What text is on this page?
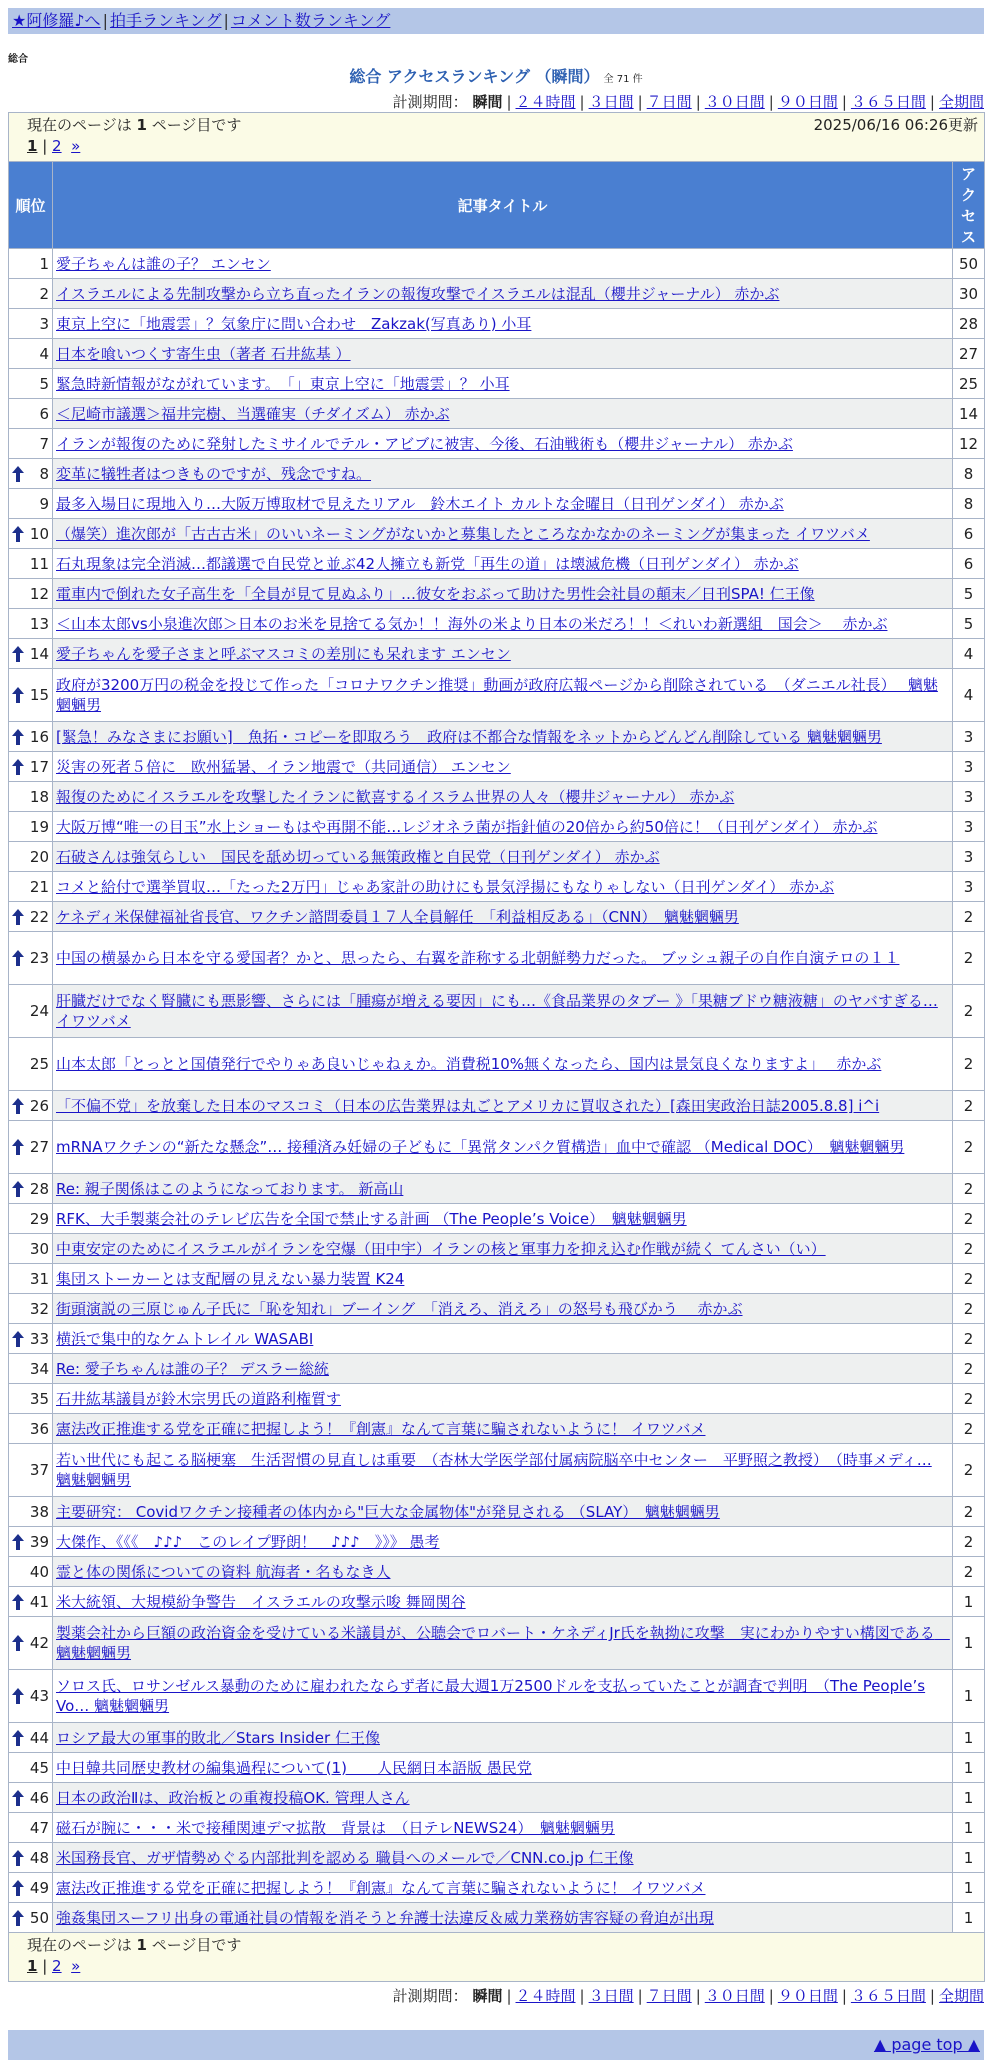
★阿修羅♪へ | 拍手ランキング | コメント数ランキング
総合
総合 アクセスランキング （瞬間） 全 71 件
計測期間： 瞬間 | ２４時間 | ３日間 | ７日間 | ３０日間 | ９０日間 | ３６５日間 | 全期間
2025/06/16 06:26更新
現在のページは 1 ページ目です
1 | 2 »		
順位	記事タイトル	アクセス
1	愛子ちゃんは誰の子？ エンセン	50
2	イスラエルによる先制攻撃から立ち直ったイランの報復攻撃でイスラエルは混乱（櫻井ジャーナル） 赤かぶ	30
3	東京上空に「地震雲」？気象庁に問い合わせ　Zakzak(写真あり) 小耳	28
4	日本を喰いつくす寄生虫（著者 石井紘基 ）	27
5	緊急時新情報がながれています。　「」東京上空に「地震雲」？ 小耳	25
6	＜尼崎市議選＞福井完樹、当選確実（チダイズム） 赤かぶ	14
7	イランが報復のために発射したミサイルでテル・アビブに被害、今後、石油戦術も（櫻井ジャーナル） 赤かぶ	12

8	変革に犠牲者はつきものですが、残念ですね。	8
9	最多入場日に現地入り…大阪万博取材で見えたリアル　鈴木エイト カルトな金曜日（日刊ゲンダイ） 赤かぶ	8

10	（爆笑）進次郎が「古古古米」のいいネーミングがないかと募集したところなかなかのネーミングが集まった イワツバメ	6
11	石丸現象は完全消滅…都議選で自民党と並ぶ42人擁立も新党「再生の道」は壊滅危機（日刊ゲンダイ） 赤かぶ	6
12	電車内で倒れた女子高生を「全員が見て見ぬふり」…彼女をおぶって助けた男性会社員の顛末／日刊SPA! 仁王像	5
13	＜山本太郎vs小泉進次郎＞日本のお米を見捨てる気か！！海外の米より日本の米だろ！！＜れいわ新選組　国会＞　 赤かぶ	5

14	愛子ちゃんを愛子さまと呼ぶマスコミの差別にも呆れます エンセン	4

15	政府が3200万円の税金を投じて作った「コロナワクチン推奨」動画が政府広報ページから削除されている　（ダニエル社長）　 魑魅魍魎男	4

16	[緊急！みなさまにお願い]　魚拓・コピーを即取ろう　政府は不都合な情報をネットからどんどん削除している 魑魅魍魎男	3

17	災害の死者５倍に　欧州猛暑、イラン地震で（共同通信） エンセン	3
18	報復のためにイスラエルを攻撃したイランに歓喜するイスラム世界の人々（櫻井ジャーナル） 赤かぶ	3
19	大阪万博“唯一の目玉”水上ショーもはや再開不能…レジオネラ菌が指針値の20倍から約50倍に！（日刊ゲンダイ） 赤かぶ	3
20	石破さんは強気らしい　国民を舐め切っている無策政権と自民党（日刊ゲンダイ） 赤かぶ	3
21	コメと給付で選挙買収…「たった2万円」じゃあ家計の助けにも景気浮揚にもなりゃしない（日刊ゲンダイ） 赤かぶ	3

22	ケネディ米保健福祉省長官、ワクチン諮問委員１７人全員解任　「利益相反ある」（CNN）　魑魅魍魎男	2

23	中国の横暴から日本を守る愛国者？かと、思ったら、右翼を詐称する北朝鮮勢力だった。 ブッシュ親子の自作自演テロの１１	2
24	肝臓だけでなく腎臓にも悪影響、さらには「腫瘍が増える要因」にも…《食品業界のタブー 》「果糖ブドウ糖液糖」のヤバすぎる… イワツバメ	2
25	山本太郎「とっとと国債発行でやりゃあ良いじゃねぇか。消費税10%無くなったら、国内は景気良くなりますよ」　 赤かぶ	2

26	「不偏不党」を放棄した日本のマスコミ（日本の広告業界は丸ごとアメリカに買収された）[森田実政治日誌2005.8.8] i^i	2

27	mRNAワクチンの“新たな懸念”… 接種済み妊婦の子どもに「異常タンパク質構造」血中で確認 （Medical DOC）　魑魅魍魎男	2

28	Re: 親子関係はこのようになっております。 新高山	2
29	RFK、大手製薬会社のテレビ広告を全国で禁止する計画 （The People’s Voice）　魑魅魍魎男	2
30	中東安定のためにイスラエルがイランを空爆（田中宇）イランの核と軍事力を抑え込む作戦が続く てんさい（い）	2
31	集団ストーカーとは支配層の見えない暴力装置 K24	2
32	街頭演説の三原じゅん子氏に「恥を知れ」ブーイング　「消えろ、消えろ」の怒号も飛びかう　 赤かぶ	2

33	横浜で集中的なケムトレイル WASABI	2
34	Re: 愛子ちゃんは誰の子？ デスラー総統	2
35	石井紘基議員が鈴木宗男氏の道路利権質す	2
36	憲法改正推進する党を正確に把握しよう！『創憲』なんて言葉に騙されないように！ イワツバメ	2
37	若い世代にも起こる脳梗塞　生活習慣の見直しは重要　（杏林大学医学部付属病院脳卒中センター　平野照之教授）　（時事メディ… 魑魅魍魎男	2
38	主要研究： Covidワクチン接種者の体内から"巨大な金属物体"が発見される （SLAY）　魑魅魍魎男	2

39	大傑作、《《《　♪♪♪　このレイプ野朗！　♪♪♪　》》》 愚考	2
40	霊と体の関係についての資料 航海者・名もなき人	2

41	米大統領、大規模紛争警告　イスラエルの攻撃示唆 舞岡関谷	1

42	製薬会社から巨額の政治資金を受けている米議員が、公聴会でロバート・ケネディJr氏を執拗に攻撃　実にわかりやすい構図である　魑魅魍魎男	1

43	ソロス氏、ロサンゼルス暴動のために雇われたならず者に最大週1万2500ドルを支払っていたことが調査で判明　（The People’s Vo… 魑魅魍魎男	1

44	ロシア最大の軍事的敗北／Stars Insider 仁王像	1
45	中日韓共同歴史教材の編集過程について(1)　　人民網日本語版 愚民党	1

46	日本の政治Ⅱは、政治板との重複投稿OK. 管理人さん	1
47	磁石が腕に・・・米で接種関連デマ拡散　背景は　（日テレNEWS24）　魑魅魍魎男	1

48	米国務長官、ガザ情勢めぐる内部批判を認める 職員へのメールで／CNN.co.jp 仁王像	1

49	憲法改正推進する党を正確に把握しよう！『創憲』なんて言葉に騙されないように！ イワツバメ	1

50	強姦集団スーフリ出身の電通社員の情報を消そうと弁護士法違反＆威力業務妨害容疑の脅迫が出現	1
現在のページは 1 ページ目です
1 | 2 »		
計測期間： 瞬間 | ２４時間 | ３日間 | ７日間 | ３０日間 | ９０日間 | ３６５日間 | 全期間
▲ page top ▲
